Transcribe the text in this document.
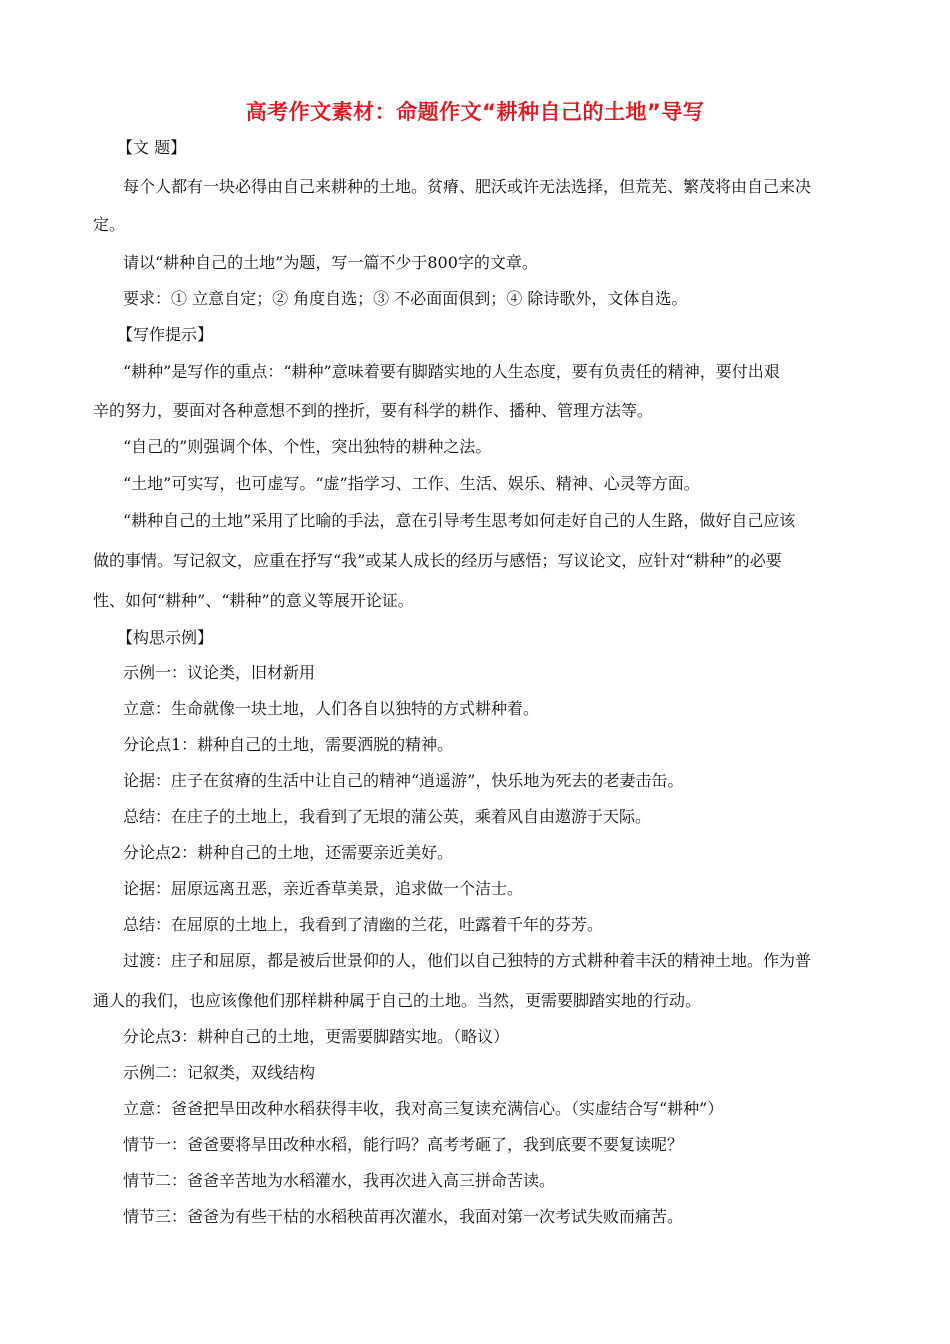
高考作文素材：命题作文“耕种自己的土地”导写
【文 题】
每个人都有一块必得由自己来耕种的土地。贫瘠、肥沃或许无法选择，但荒芜、繁茂将由自己来决
定。
请以“耕种自己的土地”为题，写一篇不少于800字的文章。
要求：① 立意自定；② 角度自选；③ 不必面面俱到；④ 除诗歌外，文体自选。
【写作提示】
“耕种”是写作的重点：“耕种”意味着要有脚踏实地的人生态度，要有负责任的精神，要付出艰
辛的努力，要面对各种意想不到的挫折，要有科学的耕作、播种、管理方法等。
“自己的”则强调个体、个性，突出独特的耕种之法。
“土地”可实写，也可虚写。“虚”指学习、工作、生活、娱乐、精神、心灵等方面。
“耕种自己的土地”采用了比喻的手法，意在引导考生思考如何走好自己的人生路，做好自己应该
做的事情。写记叙文，应重在抒写“我”或某人成长的经历与感悟；写议论文，应针对“耕种”的必要
性、如何“耕种”、“耕种”的意义等展开论证。
【构思示例】
示例一：议论类，旧材新用
立意：生命就像一块土地，人们各自以独特的方式耕种着。
分论点1：耕种自己的土地，需要洒脱的精神。
论据：庄子在贫瘠的生活中让自己的精神“逍遥游”，快乐地为死去的老妻击缶。
总结：在庄子的土地上，我看到了无垠的蒲公英，乘着风自由遨游于天际。
分论点2：耕种自己的土地，还需要亲近美好。
论据：屈原远离丑恶，亲近香草美景，追求做一个洁士。
总结：在屈原的土地上，我看到了清幽的兰花，吐露着千年的芬芳。
过渡：庄子和屈原，都是被后世景仰的人，他们以自己独特的方式耕种着丰沃的精神土地。作为普
通人的我们，也应该像他们那样耕种属于自己的土地。当然，更需要脚踏实地的行动。
分论点3：耕种自己的土地，更需要脚踏实地。（略议）
示例二：记叙类，双线结构
立意：爸爸把旱田改种水稻获得丰收，我对高三复读充满信心。（实虚结合写“耕种”）
情节一：爸爸要将旱田改种水稻，能行吗？高考考砸了，我到底要不要复读呢？
情节二：爸爸辛苦地为水稻灌水，我再次进入高三拼命苦读。
情节三：爸爸为有些干枯的水稻秧苗再次灌水，我面对第一次考试失败而痛苦。
